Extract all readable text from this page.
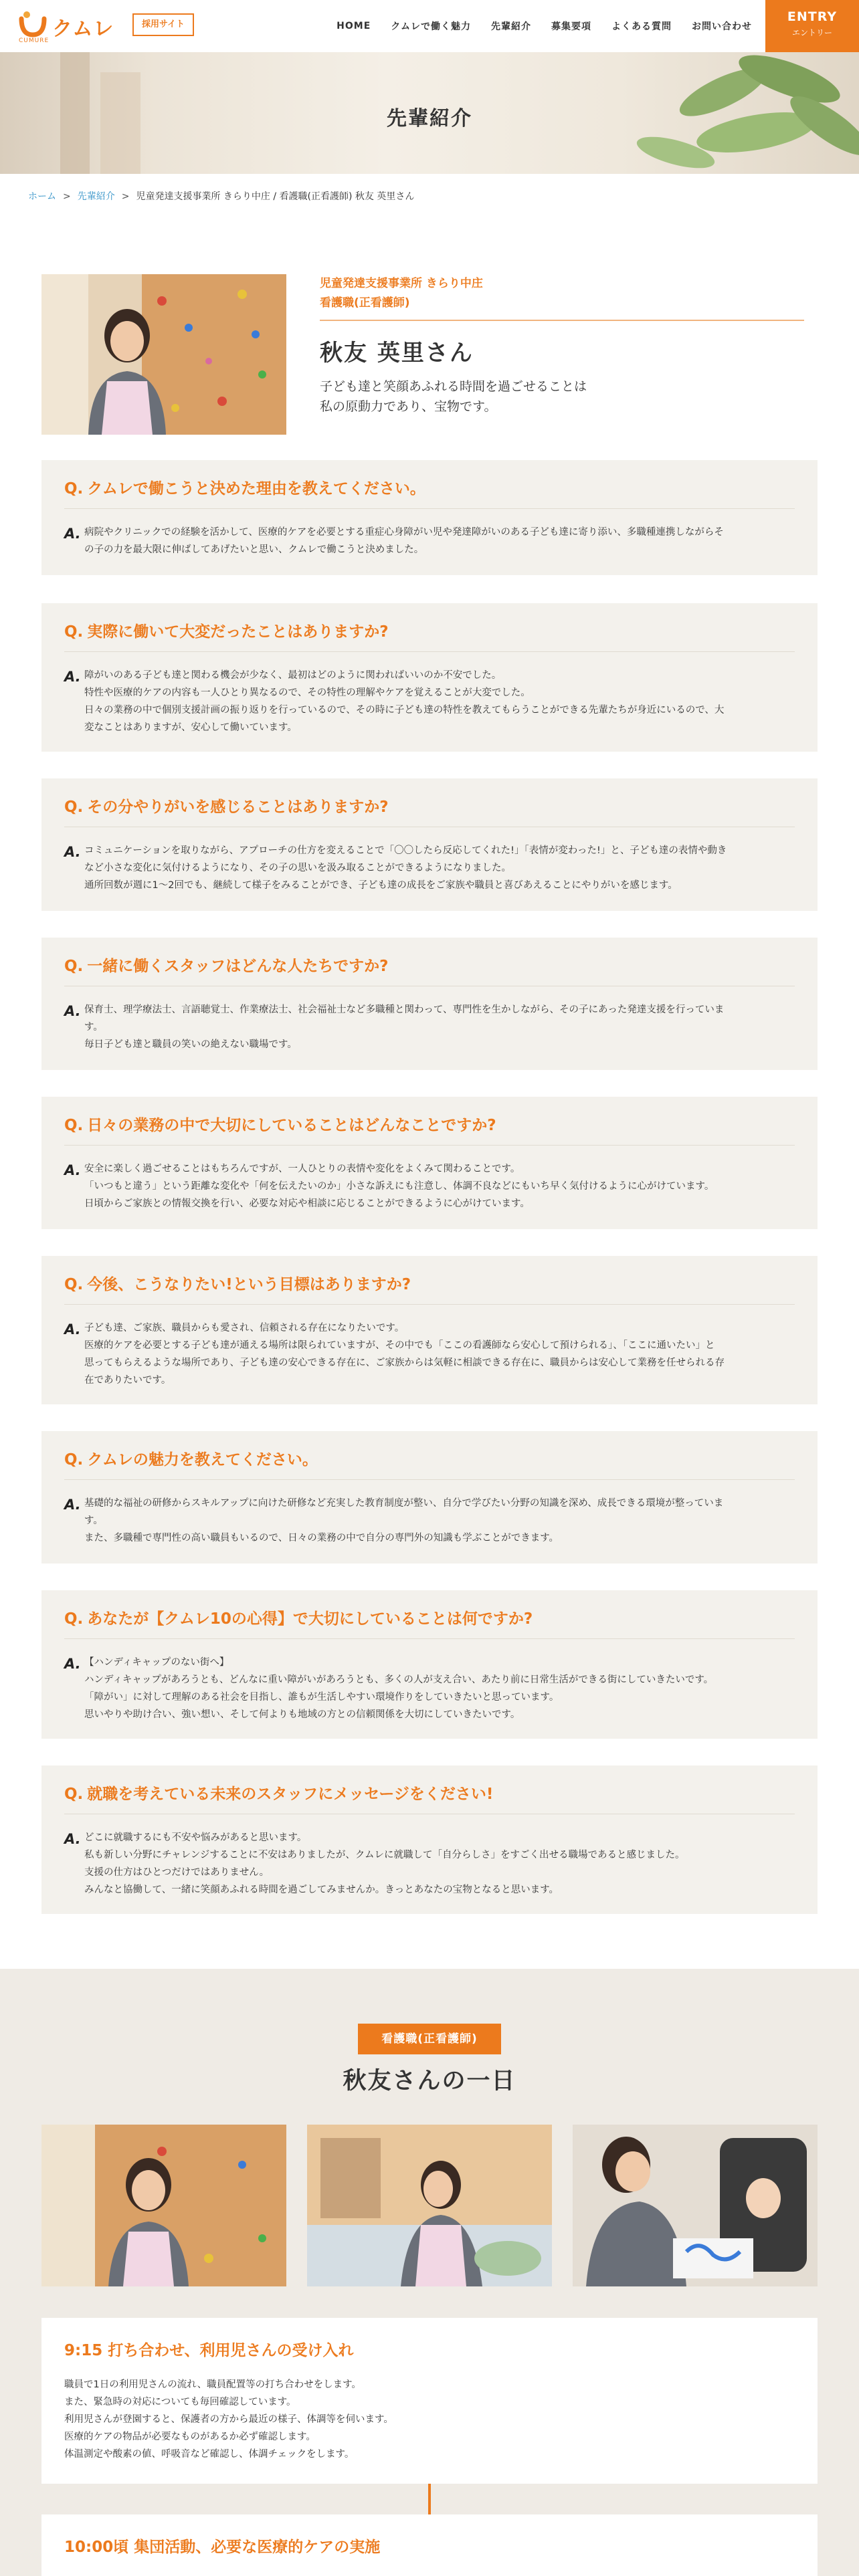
クムレ
CUMURE
採用サイト	HOME クムレで働く魅力 先輩紹介 募集要項 よくある質問 お問い合わせ
ENTRY
エントリー
先輩紹介
ホーム > 先輩紹介 > 児童発達支援事業所 きらり中庄 / 看護職(正看護師) 秋友 英里さん
児童発達支援事業所 きらり中庄
看護職(正看護師)
秋友 英里さん
子ども達と笑顔あふれる時間を過ごせることは
私の原動力であり、宝物です。
Q. クムレで働こうと決めた理由を教えてください。
A. 病院やクリニックでの経験を活かして、医療的ケアを必要とする重症心身障がい児や発達障がいのある子ども達に寄り添い、多職種連携しながらそ
の子の力を最大限に伸ばしてあげたいと思い、クムレで働こうと決めました。
Q. 実際に働いて大変だったことはありますか?
A. 障がいのある子ども達と関わる機会が少なく、最初はどのように関わればいいのか不安でした。
特性や医療的ケアの内容も一人ひとり異なるので、その特性の理解やケアを覚えることが大変でした。
日々の業務の中で個別支援計画の振り返りを行っているので、その時に子ども達の特性を教えてもらうことができる先輩たちが身近にいるので、大
変なことはありますが、安心して働いています。
Q. その分やりがいを感じることはありますか?
A. コミュニケーションを取りながら、アプローチの仕方を変えることで「〇〇したら反応してくれた!」「表情が変わった!」と、子ども達の表情や動き
など小さな変化に気付けるようになり、その子の思いを汲み取ることができるようになりました。
通所回数が週に1〜2回でも、継続して様子をみることができ、子ども達の成長をご家族や職員と喜びあえることにやりがいを感じます。
Q. 一緒に働くスタッフはどんな人たちですか?
A. 保育士、理学療法士、言語聴覚士、作業療法士、社会福祉士など多職種と関わって、専門性を生かしながら、その子にあった発達支援を行っていま
す。
毎日子ども達と職員の笑いの絶えない職場です。
Q. 日々の業務の中で大切にしていることはどんなことですか?
A. 安全に楽しく過ごせることはもちろんですが、一人ひとりの表情や変化をよくみて関わることです。
「いつもと違う」という距離な変化や「何を伝えたいのか」小さな訴えにも注意し、体調不良などにもいち早く気付けるように心がけています。
日頃からご家族との情報交換を行い、必要な対応や相談に応じることができるように心がけています。
Q. 今後、こうなりたい!という目標はありますか?
A. 子ども達、ご家族、職員からも愛され、信頼される存在になりたいです。
医療的ケアを必要とする子ども達が通える場所は限られていますが、その中でも「ここの看護師なら安心して預けられる」、「ここに通いたい」と
思ってもらえるような場所であり、子ども達の安心できる存在に、ご家族からは気軽に相談できる存在に、職員からは安心して業務を任せられる存
在でありたいです。
Q. クムレの魅力を教えてください。
A. 基礎的な福祉の研修からスキルアップに向けた研修など充実した教育制度が整い、自分で学びたい分野の知識を深め、成長できる環境が整っていま
す。
また、多職種で専門性の高い職員もいるので、日々の業務の中で自分の専門外の知識も学ぶことができます。
Q. あなたが【クムレ10の心得】で大切にしていることは何ですか?
A. 【ハンディキャップのない街へ】
ハンディキャップがあろうとも、どんなに重い障がいがあろうとも、多くの人が支え合い、あたり前に日常生活ができる街にしていきたいです。
「障がい」に対して理解のある社会を目指し、誰もが生活しやすい環境作りをしていきたいと思っています。
思いやりや助け合い、強い想い、そして何よりも地域の方との信頼関係を大切にしていきたいです。
Q. 就職を考えている未来のスタッフにメッセージをください!
A. どこに就職するにも不安や悩みがあると思います。
私も新しい分野にチャレンジすることに不安はありましたが、クムレに就職して「自分らしさ」をすごく出せる職場であると感じました。
支援の仕方はひとつだけではありません。
みんなと協働して、一緒に笑顔あふれる時間を過ごしてみませんか。きっとあなたの宝物となると思います。
看護職(正看護師)
秋友さんの一日
9:15 打ち合わせ、利用児さんの受け入れ
職員で1日の利用児さんの流れ、職員配置等の打ち合わせをします。
また、緊急時の対応についても毎回確認しています。
利用児さんが登園すると、保護者の方から最近の様子、体調等を伺います。
医療的ケアの物品が必要なものがあるか必ず確認します。
体温測定や酸素の値、呼吸音など確認し、体調チェックをします。
10:00頃 集団活動、必要な医療的ケアの実施
